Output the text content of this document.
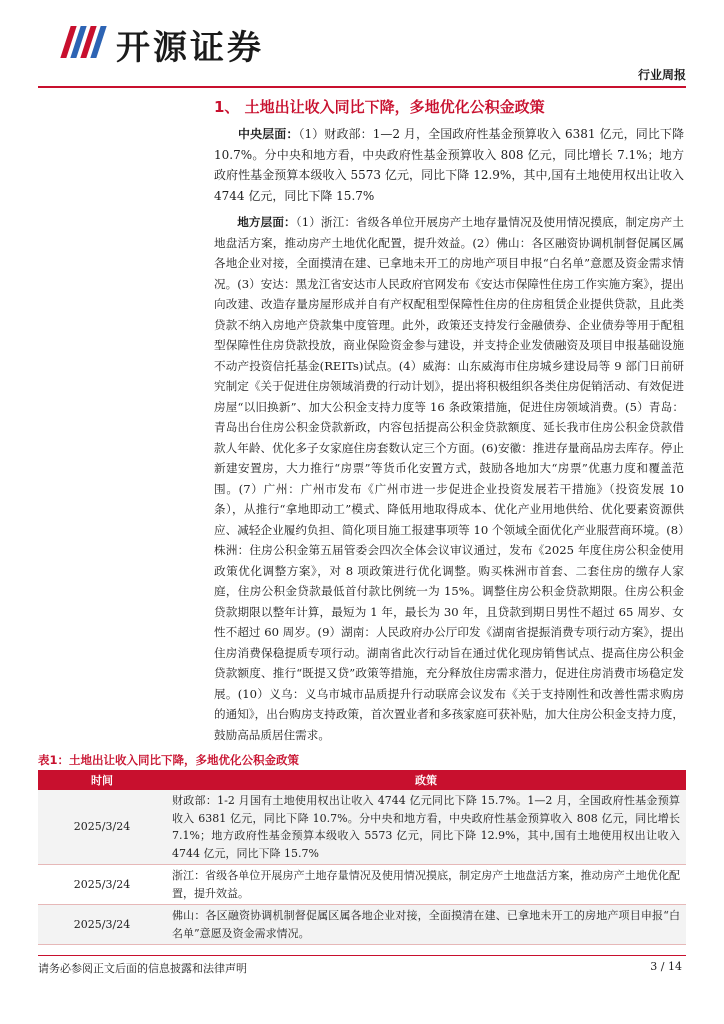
开源证券
行业周报
1、 土地出让收入同比下降，多地优化公积金政策

中央层面：（1）财政部：1—2 月，全国政府性基金预算收入 6381 亿元，同比下降 10.7%。分中央和地方看，中央政府性基金预算收入 808 亿元，同比增长 7.1%；地方政府性基金预算本级收入 5573 亿元，同比下降 12.9%，其中,国有土地使用权出让收入 4744 亿元，同比下降 15.7%

地方层面：（1）浙江：省级各单位开展房产土地存量情况及使用情况摸底，制定房产土地盘活方案，推动房产土地优化配置，提升效益。(2）佛山：各区融资协调机制督促属区属各地企业对接，全面摸清在建、已拿地未开工的房地产项目申报“白名单”意愿及资金需求情况。(3）安达：黑龙江省安达市人民政府官网发布《安达市保障性住房工作实施方案》，提出向改建、改造存量房屋形成并自有产权配租型保障性住房的住房租赁企业提供贷款，且此类贷款不纳入房地产贷款集中度管理。此外，政策还支持发行金融债券、企业债券等用于配租型保障性住房贷款投放，商业保险资金参与建设，并支持企业发债融资及项目申报基础设施不动产投资信托基金(REITs)试点。(4）威海：山东威海市住房城乡建设局等 9 部门日前研究制定《关于促进住房领域消费的行动计划》，提出将积极组织各类住房促销活动、有效促进房屋“以旧换新”、加大公积金支持力度等 16 条政策措施，促进住房领域消费。(5）青岛：青岛出台住房公积金贷款新政，内容包括提高公积金贷款额度、延长我市住房公积金贷款借款人年龄、优化多子女家庭住房套数认定三个方面。(6)安徽：推进存量商品房去库存。停止新建安置房，大力推行“房票”等货币化安置方式，鼓励各地加大“房票”优惠力度和覆盖范围。(7）广州：广州市发布《广州市进一步促进企业投资发展若干措施》（投资发展 10 条），从推行“拿地即动工”模式、降低用地取得成本、优化产业用地供给、优化要素资源供应、减轻企业履约负担、简化项目施工报建事项等 10 个领域全面优化产业服营商环境。(8）株洲：住房公积金第五届管委会四次全体会议审议通过，发布《2025 年度住房公积金使用政策优化调整方案》，对 8 项政策进行优化调整。购买株洲市首套、二套住房的缴存人家庭，住房公积金贷款最低首付款比例统一为 15%。调整住房公积金贷款期限。住房公积金贷款期限以整年计算，最短为 1 年，最长为 30 年，且贷款到期日男性不超过 65 周岁、女性不超过 60 周岁。(9）湖南：人民政府办公厅印发《湖南省提振消费专项行动方案》，提出住房消费保稳提质专项行动。湖南省此次行动旨在通过优化现房销售试点、提高住房公积金贷款额度、推行“既提又贷”政策等措施，充分释放住房需求潜力，促进住房消费市场稳定发展。(10）义乌：义乌市城市品质提升行动联席会议发布《关于支持刚性和改善性需求购房的通知》，出台购房支持政策，首次置业者和多孩家庭可获补贴，加大住房公积金支持力度，鼓励高品质居住需求。

表1：土地出让收入同比下降，多地优化公积金政策
时间	政策
2025/3/24	财政部：1-2 月国有土地使用权出让收入 4744 亿元同比下降 15.7%。1—2 月，全国政府性基金预算收入 6381 亿元，同比下降 10.7%。分中央和地方看，中央政府性基金预算收入 808 亿元，同比增长 7.1%；地方政府性基金预算本级收入 5573 亿元，同比下降 12.9%，其中,国有土地使用权出让收入 4744 亿元，同比下降 15.7%
2025/3/24	浙江：省级各单位开展房产土地存量情况及使用情况摸底，制定房产土地盘活方案，推动房产土地优化配置，提升效益。
2025/3/24	佛山：各区融资协调机制督促属区属各地企业对接，全面摸清在建、已拿地未开工的房地产项目申报“白名单”意愿及资金需求情况。
请务必参阅正文后面的信息披露和法律声明	3 / 14
